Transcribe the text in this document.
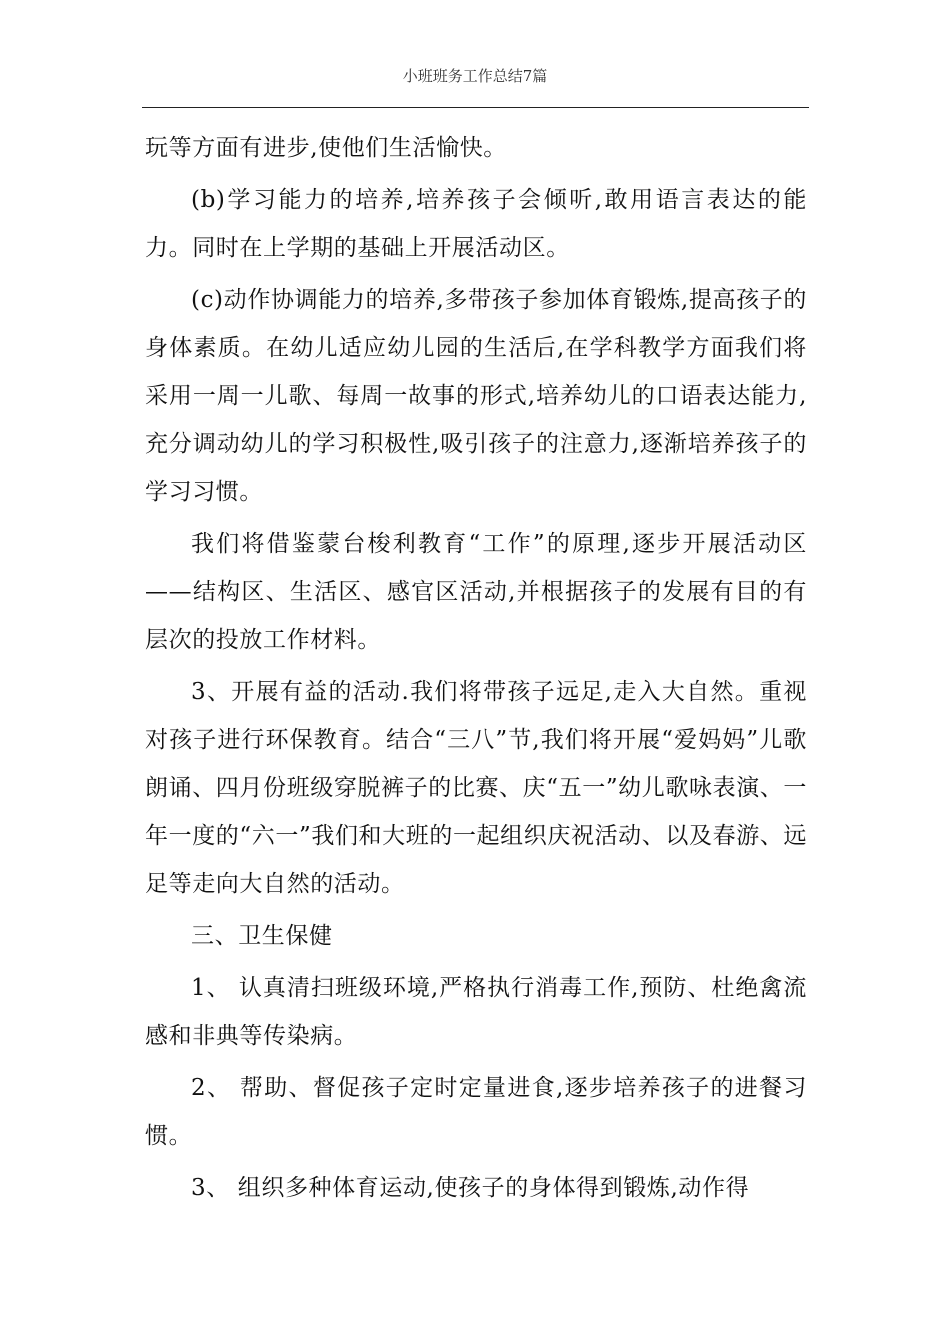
小班班务工作总结7篇

玩等方面有进步,使他们生活愉快。

(b)学习能力的培养,培养孩子会倾听,敢用语言表达的能力。同时在上学期的基础上开展活动区。

(c)动作协调能力的培养,多带孩子参加体育锻炼,提高孩子的身体素质。在幼儿适应幼儿园的生活后,在学科教学方面我们将采用一周一儿歌、每周一故事的形式,培养幼儿的口语表达能力,充分调动幼儿的学习积极性,吸引孩子的注意力,逐渐培养孩子的学习习惯。

我们将借鉴蒙台梭利教育“工作”的原理,逐步开展活动区——结构区、生活区、感官区活动,并根据孩子的发展有目的有层次的投放工作材料。

3、开展有益的活动.我们将带孩子远足,走入大自然。重视对孩子进行环保教育。结合“三八”节,我们将开展“爱妈妈”儿歌朗诵、四月份班级穿脱裤子的比赛、庆“五一”幼儿歌咏表演、一年一度的“六一”我们和大班的一起组织庆祝活动、以及春游、远足等走向大自然的活动。

三、卫生保健

1、 认真清扫班级环境,严格执行消毒工作,预防、杜绝禽流感和非典等传染病。

2、 帮助、督促孩子定时定量进食,逐步培养孩子的进餐习惯。

3、 组织多种体育运动,使孩子的身体得到锻炼,动作得
